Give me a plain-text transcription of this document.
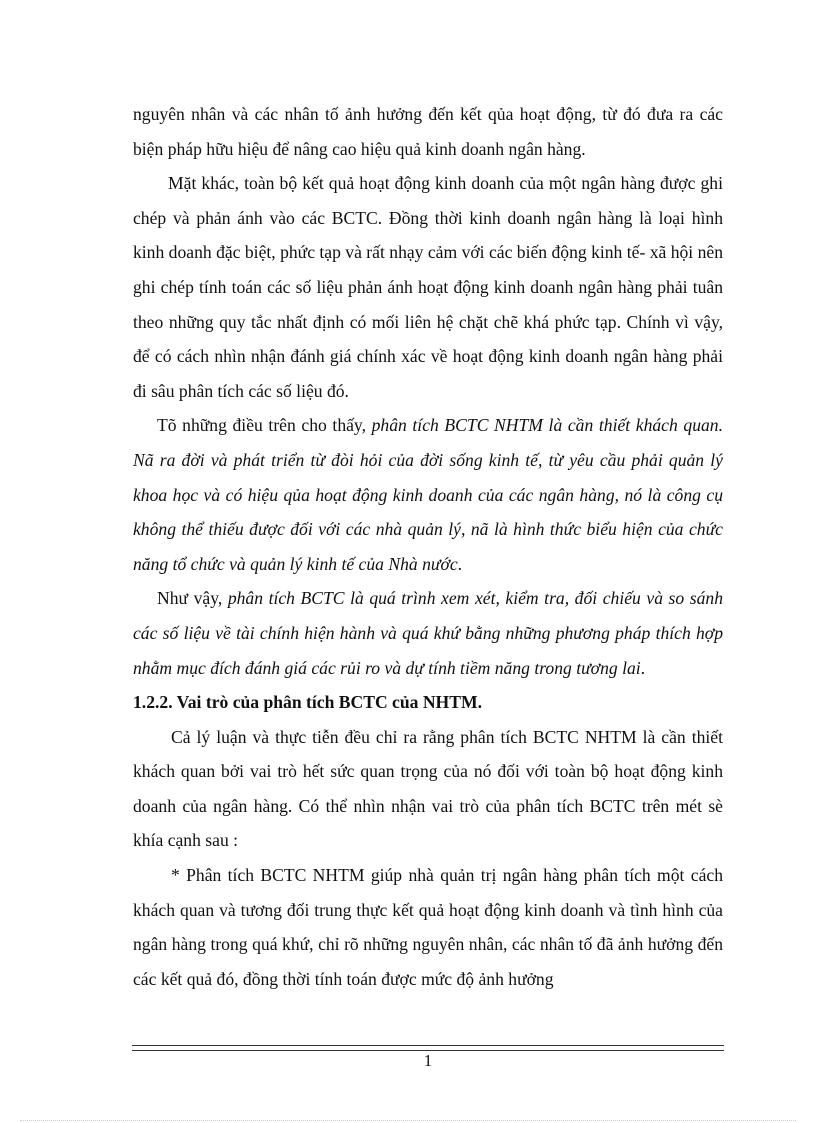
nguyên nhân và các nhân tố ảnh hưởng đến kết qủa hoạt động, từ đó đưa ra các biện pháp hữu hiệu để nâng cao hiệu quả kinh doanh ngân hàng.

Mặt khác, toàn bộ kết quả hoạt động kinh doanh của một ngân hàng được ghi chép và phản ánh vào các BCTC. Đồng thời kinh doanh ngân hàng là loại hình kinh doanh đặc biệt, phức tạp và rất nhạy cảm với các biến động kinh tế- xã hội nên ghi chép tính toán các số liệu phản ánh hoạt động kinh doanh ngân hàng phải tuân theo những quy tắc nhất định có mối liên hệ chặt chẽ khá phức tạp. Chính vì vậy, để có cách nhìn nhận đánh giá chính xác về hoạt động kinh doanh ngân hàng phải đi sâu phân tích các số liệu đó.

Tõ những điều trên cho thấy, phân tích BCTC NHTM là cần thiết khách quan. Nã ra đời và phát triển từ đòi hỏi của đời sống kinh tế, từ yêu cầu phải quản lý khoa học và có hiệu qủa hoạt động kinh doanh của các ngân hàng, nó là công cụ không thể thiếu được đối với các nhà quản lý, nã là hình thức biểu hiện của chức năng tổ chức và quản lý kinh tế của Nhà nước.

Như vậy, phân tích BCTC là quá trình xem xét, kiểm tra, đối chiếu và so sánh các số liệu về tài chính hiện hành và quá khứ bằng những phương pháp thích hợp nhằm mục đích đánh giá các rủi ro và dự tính tiềm năng trong tương lai.

1.2.2. Vai trò của phân tích BCTC của NHTM.

Cả lý luận và thực tiễn đều chỉ ra rằng phân tích BCTC NHTM là cần thiết khách quan bởi vai trò hết sức quan trọng của nó đối với toàn bộ hoạt động kinh doanh của ngân hàng. Có thể nhìn nhận vai trò của phân tích BCTC trên mét sè khía cạnh sau :

* Phân tích BCTC NHTM giúp nhà quản trị ngân hàng phân tích một cách khách quan và tương đối trung thực kết quả hoạt động kinh doanh và tình hình của ngân hàng trong quá khứ, chỉ rõ những nguyên nhân, các nhân tố đã ảnh hưởng đến các kết quả đó, đồng thời tính toán được mức độ ảnh hưởng

1
